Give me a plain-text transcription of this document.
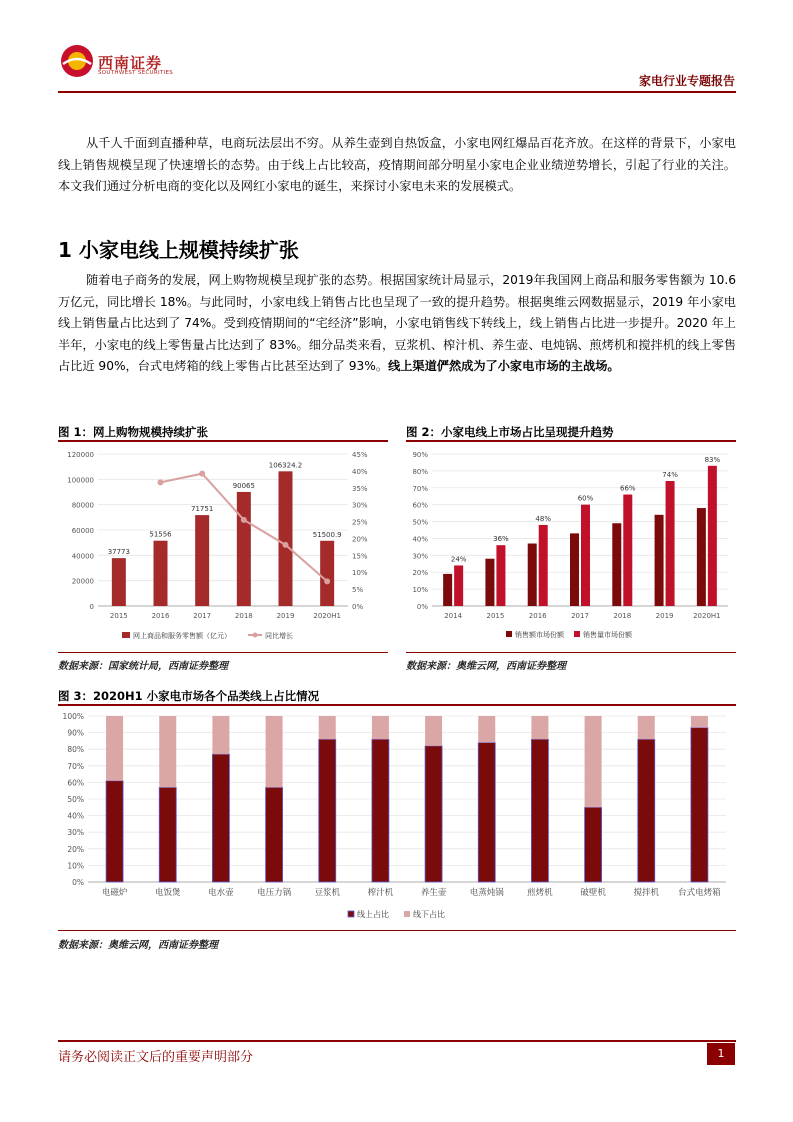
西南证券
SOUTHWEST SECURITIES
家电行业专题报告
从千人千面到直播种草，电商玩法层出不穷。从养生壶到自热饭盒，小家电网红爆品百花齐放。在这样的背景下，小家电线上销售规模呈现了快速增长的态势。由于线上占比较高，疫情期间部分明星小家电企业业绩逆势增长，引起了行业的关注。本文我们通过分析电商的变化以及网红小家电的诞生，来探讨小家电未来的发展模式。
1 小家电线上规模持续扩张
随着电子商务的发展，网上购物规模呈现扩张的态势。根据国家统计局显示，2019年我国网上商品和服务零售额为 10.6 万亿元，同比增长 18%。与此同时，小家电线上销售占比也呈现了一致的提升趋势。根据奥维云网数据显示，2019 年小家电线上销售量占比达到了 74%。受到疫情期间的“宅经济”影响，小家电销售线下转线上，线上销售占比进一步提升。2020 年上半年，小家电的线上零售量占比达到了 83%。细分品类来看，豆浆机、榨汁机、养生壶、电炖锅、煎烤机和搅拌机的线上零售占比近 90%，台式电烤箱的线上零售占比甚至达到了 93%。线上渠道俨然成为了小家电市场的主战场。
图 1：网上购物规模持续扩张
0
20000
40000
60000
80000
100000
120000
0%
5%
10%
15%
20%
25%
30%
35%
40%
45%
37773
2015
51556
2016
71751
2017
90065
2018
106324.2
2019
51500.9
2020H1
网上商品和服务零售额（亿元）	同比增长
数据来源：国家统计局，西南证券整理
图 2：小家电线上市场占比呈现提升趋势
0%
10%
20%
30%
40%
50%
60%
70%
80%
90%
24%
2014
36%
2015
48%
2016
60%
2017
66%
2018
74%
2019
83%
2020H1
销售额市场份额	销售量市场份额
数据来源：奥维云网，西南证券整理
图 3：2020H1 小家电市场各个品类线上占比情况
0%
10%
20%
30%
40%
50%
60%
70%
80%
90%
100%
电磁炉	电饭煲	电水壶	电压力锅	豆浆机	榨汁机	养生壶	电蒸炖锅	煎烤机	破壁机	搅拌机 台式电烤箱
线上占比	线下占比
数据来源：奥维云网，西南证券整理
请务必阅读正文后的重要声明部分	1
